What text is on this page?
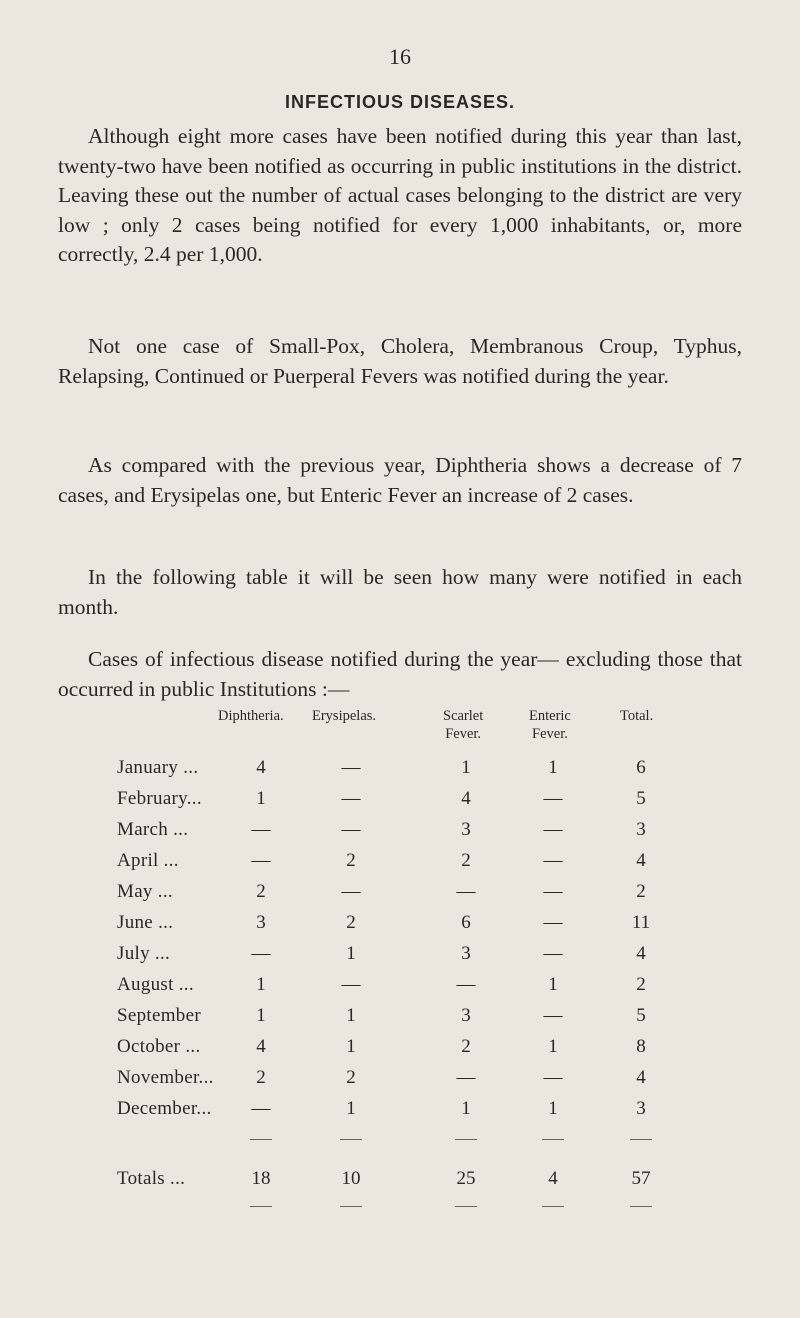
16
INFECTIOUS DISEASES.

Although eight more cases have been notified during this year than last, twenty-two have been notified as occurring in public institutions in the district. Leaving these out the number of actual cases belonging to the district are very low ; only 2 cases being notified for every 1,000 inhabitants, or, more correctly, 2.4 per 1,000.

Not one case of Small-Pox, Cholera, Membranous Croup, Typhus, Relapsing, Continued or Puerperal Fevers was notified during the year.

As compared with the previous year, Diphtheria shows a decrease of 7 cases, and Erysipelas one, but Enteric Fever an increase of 2 cases.

In the following table it will be seen how many were notified in each month.

Cases of infectious disease notified during the year— excluding those that occurred in public Institutions :—

Diphtheria. Erysipelas.	Scarlet
Fever.
Enteric
Fever.
Total.
January ...	4	—	1	1	6
February...	1	—	4	—	5
March ...	—	—	3	—	3
April ...	—	2	2	—	4
May ...	2	—	—	—	2
June ...	3	2	6	—	11
July ...	—	1	3	—	4
August ...	1	—	—	1	2
September	1	1	3	—	5
October ...	4	1	2	1	8
November...	2	2	—	—	4
December...	—	1	1	1	3
Totals ...	18	10	25	4	57
